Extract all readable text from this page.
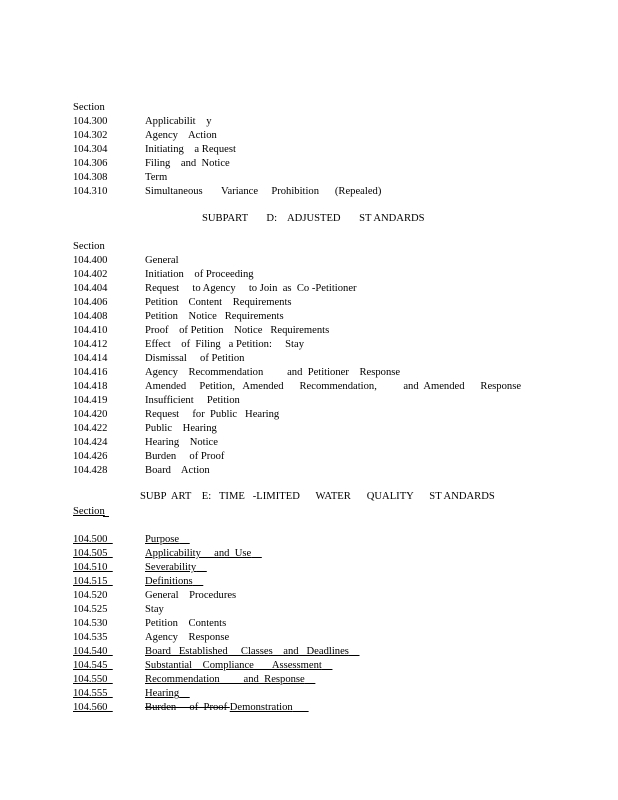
Section

104.300	Applicabilit    y
104.302	Agency    Action
104.304	Initiating    a Request
104.306	Filing    and  Notice
104.308	Term
104.310	Simultaneous       Variance     Prohibition      (Repealed)
SUBPART       D:    ADJUSTED       ST ANDARDS

Section

104.400	General
104.402	Initiation    of Proceeding
104.404	Request     to Agency     to Join  as  Co -Petitioner
104.406	Petition    Content    Requirements
104.408	Petition    Notice   Requirements
104.410	Proof    of Petition    Notice   Requirements
104.412	Effect    of  Filing   a Petition:     Stay
104.414	Dismissal     of Petition
104.416	Agency    Recommendation         and  Petitioner    Response
104.418	Amended     Petition,   Amended      Recommendation,          and  Amended      Response
104.419	Insufficient     Petition
104.420	Request     for  Public   Hearing
104.422	Public    Hearing
104.424	Hearing    Notice
104.426	Burden     of Proof
104.428	Board    Action
SUBP  ART    E:   TIME   -LIMITED      WATER      QUALITY      ST ANDARDS

Section

104.500	Purpose
104.505	Applicability     and  Use
104.510	Severability
104.515	Definitions
104.520	General    Procedures
104.525	Stay
104.530	Petition    Contents
104.535	Agency    Response
104.540	Board   Established     Classes    and   Deadlines
104.545	Substantial    Compliance       Assessment
104.550	Recommendation         and  Response
104.555	Hearing
104.560	Burden     of  Proof Demonstration
